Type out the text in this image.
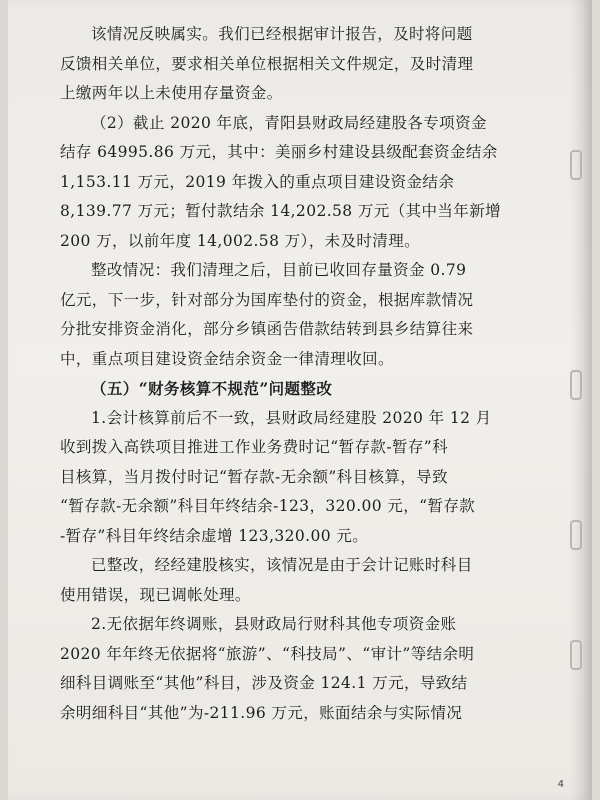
该情况反映属实。我们已经根据审计报告，及时将问题
反馈相关单位，要求相关单位根据相关文件规定，及时清理
上缴两年以上未使用存量资金。
（2）截止 2020 年底，青阳县财政局经建股各专项资金
结存 64995.86 万元，其中：美丽乡村建设县级配套资金结余
1,153.11 万元，2019 年拨入的重点项目建设资金结余
8,139.77 万元；暂付款结余 14,202.58 万元（其中当年新增
200 万，以前年度 14,002.58 万），未及时清理。
整改情况：我们清理之后，目前已收回存量资金 0.79
亿元，下一步，针对部分为国库垫付的资金，根据库款情况
分批安排资金消化，部分乡镇函告借款结转到县乡结算往来
中，重点项目建设资金结余资金一律清理收回。
（五）“财务核算不规范”问题整改
1.会计核算前后不一致，县财政局经建股 2020 年 12 月
收到拨入高铁项目推进工作业务费时记“暂存款-暂存”科
目核算，当月拨付时记“暂存款-无余额”科目核算，导致
“暂存款-无余额”科目年终结余-123，320.00 元，“暂存款
-暂存”科目年终结余虚增 123,320.00 元。
已整改，经经建股核实，该情况是由于会计记账时科目
使用错误，现已调帐处理。
2.无依据年终调账，县财政局行财科其他专项资金账
2020 年年终无依据将“旅游”、“科技局”、“审计”等结余明
细科目调账至“其他”科目，涉及资金 124.1 万元，导致结
余明细科目“其他”为-211.96 万元，账面结余与实际情况
4
